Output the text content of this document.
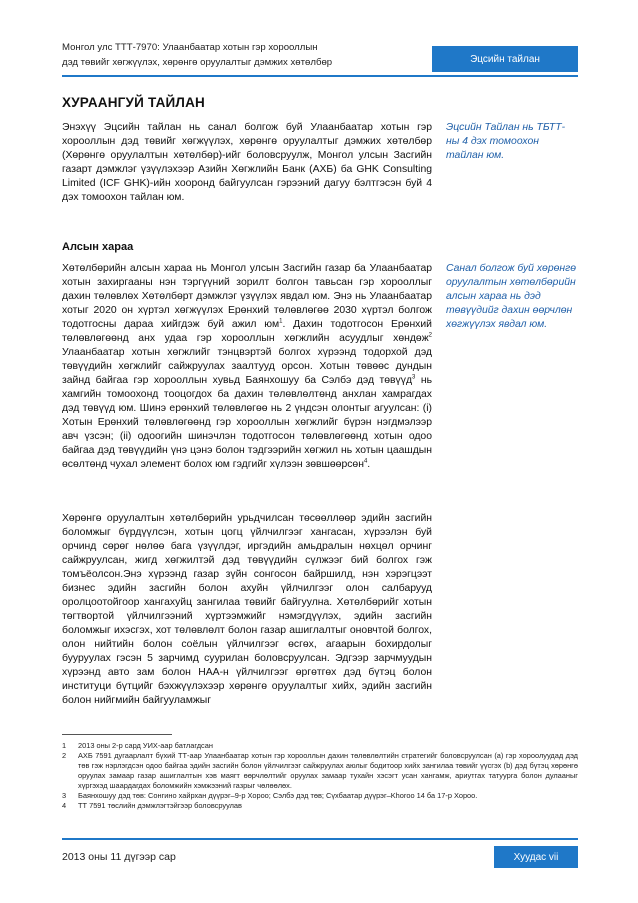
Монгол улс ТТТ-7970: Улаанбаатар хотын гэр хорооллын
дэд төвийг хөгжүүлэх, хөрөнгө оруулалтыг дэмжих хөтөлбөр	Эцсийн тайлан
ХУРААНГУЙ ТАЙЛАН
Энэхүү Эцсийн тайлан нь санал болгож буй Улаанбаатар хотын гэр хорооллын дэд төвийг хөгжүүлэх, хөрөнгө оруулалтыг дэмжих хөтөлбөр (Хөрөнгө оруулалтын хөтөлбөр)-ийг боловсруулж, Монгол улсын Засгийн газарт дэмжлэг үзүүлэхээр Азийн Хөгжлийн Банк (АХБ) ба GHK Consulting Limited (ICF GHK)-ийн хооронд байгуулсан гэрээний дагуу бэлтгэсэн буй 4 дэх томоохон тайлан юм.
Эцсийн Тайлан нь ТБТТ-ны 4 дэх томоохон тайлан юм.
Алсын хараа
Хөтөлбөрийн алсын хараа нь Монгол улсын Засгийн газар ба Улаанбаатар хотын захиргааны нэн тэргүүний зорилт болгон тавьсан гэр хорооллыг дахин төлөвлөх Хөтөлбөрт дэмжлэг үзүүлэх явдал юм. Энэ нь Улаанбаатар хотыг 2020 он хүртэл хөгжүүлэх Ерөнхий төлөвлөгөө 2030 хүртэл болгож тодотгосны дараа хийгдэж буй ажил $юм^1$. Дахин тодотгосон Ерөнхий төлөвлөгөөнд анх удаа гэр хорооллын хөгжлийн асуудлыг хөндөж$^2$ Улаанбаатар хотын хөгжлийг тэнцвэртэй болгох хүрээнд тодорхой дэд төвүүдийн хөгжлийг сайжруулах заалтууд орсон. Хотын төвөөс дундын зайнд байгаа гэр хорооллын хувьд Баянхошуу ба Сэлбэ дэд төвүүд$^3$ нь хамгийн томоохонд тооцогдох ба дахин төлөвлөлтөнд анхлан хамрагдах дэд төвүүд юм. Шинэ ерөнхий төлөвлөгөө нь 2 үндсэн олонтыг агуулсан: (i) Хотын Ерөнхий төлөвлөгөөнд гэр хорооллын хөгжлийг бүрэн нэгдмэлээр авч үзсэн; (ii) одоогийн шинэчлэн тодотгосон төлөвлөгөөнд хотын одоо байгаа дэд төвүүдийн үнэ цэнэ болон тэдгээрийн хөгжил нь хотын цаашдын өсөлтөнд чухал элемент болох юм гэдгийг хүлээн зөвшөөрсөн$^4$.
Санал болгож буй хөрөнгө оруулалтын хөтөлбөрийн алсын хараа нь дэд төвүүдийг дахин өөрчлөн хөгжүүлэх явдал юм.
Хөрөнгө оруулалтын хөтөлбөрийн урьдчилсан төсөөллөөр эдийн засгийн боломжыг бүрдүүлсэн, хотын цогц үйлчилгээг хангасан, хүрээлэн буй орчинд сөрөг нөлөө бага үзүүлдэг, иргэдийн амьдралын нөхцөл орчинг сайжруулсан, жигд хөгжилтэй дэд төвүүдийн сүлжээг бий болгох гэж томъёолсон.Энэ хүрээнд газар зүйн сонгосон байршилд, нэн хэрэгцээт бизнес эдийн засгийн болон ахуйн үйлчилгээг олон салбарууд оролцоотойгоор хангахуйц зангилаа төвийг байгуулна. Хөтөлбөрийг хотын төгтвортой үйлчилгээний хүртээмжийг нэмэгдүүлэх, эдийн засгийн боломжыг ихэсгэх, хот төлөвлөлт болон газар ашиглалтыг оновчтой болгох, олон нийтийн болон соёлын үйлчилгээг өсгөх, агаарын бохирдолыг бууруулах гэсэн 5 зарчимд суурилан боловсруулсан. Эдгээр зарчмуудын хүрээнд авто зам болон НАА-н үйлчилгээг өргөтгөх дэд бүтэц болон институци бүтцийг бэхжүүлэхээр хөрөнгө оруулалтыг хийх, эдийн засгийн болон нийгмийн байгууламжыг
1	2013 оны 2-р сард УИХ-аар батлагдсан
2	АХБ 7591 дугаарлалт бүхий ТТ-аар Улаанбаатар хотын гэр хорооллын дахин төлөвлөлтийн стратегийг боловсруулсан (а) гэр хороолуудад дэд төв гэж нэрлэгдсэн одоо байгаа эдийн засгийн болон үйлчилгээг сайжруулах аюлыг бодитоор хийх зангилаа төвийг үүсгэх (b) дэд бүтэц хөрөнгө оруулах замаар газар ашиглалтын хэв маягт өөрчлөлтийг оруулах замаар тухайн хэсэгт усан хангамж, ариутгах татуурга болон дулааныг хүргэхэд шаардагдах боломжийн хэмжээний газрыг чөлөөлөх.
3	Баянхошуу дэд төв: Сонгино хайрхан дүүрэг–9-р Хороо; Сэлбэ дэд төв; Сүхбаатар дүүрэг–Khoroo 14 ба 17-р Хороо.
4	ТТ 7591 төслийн дэмжлэгтэйгээр боловсруулав
2013 оны 11 дүгээр сар	Хуудас vii
